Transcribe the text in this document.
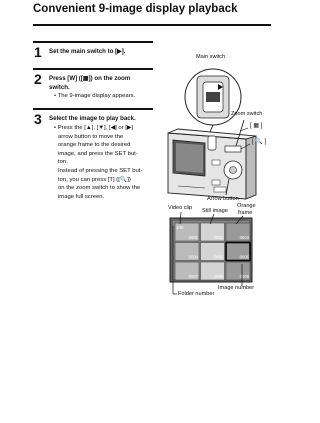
Convenient 9-image display playback
1 Set the main switch to [▶].
2 Press [W] ([▦]) on the zoom
switch.
• The 9-image display appears.
3 Select the image to play back.
• Press the [▲], [▼], [◀] or [▶]
arrow button to move the
orange frame to the desired
image, and press the SET but-
ton.
Instead of pressing the SET but-
ton, you can press [T] ([🔍])
on the zoom switch to show the
image full screen.
0001	0002	0003
0004	0005	0006
0007	0008	0009
100
Main switch
Zoom switch
[ ▦ ]
[ 🔍 ]
Arrow button
Video clip Still image
Orange
frame
Image number
Folder number
